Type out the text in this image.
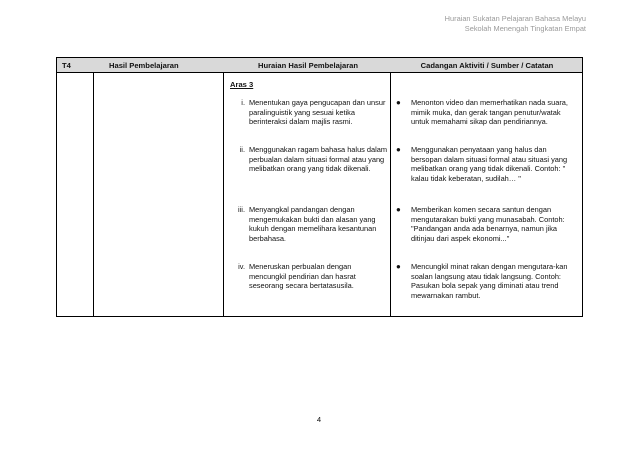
Huraian Sukatan Pelajaran Bahasa Melayu
Sekolah Menengah Tingkatan Empat
T4	Hasil Pembelajaran	Huraian Hasil Pembelajaran	Cadangan Aktiviti / Sumber / Catatan
Aras 3
i. Menentukan gaya pengucapan dan unsur paralinguistik yang sesuai ketika berinteraksi dalam majlis rasmi.
● Menonton video dan memerhatikan nada suara, mimik muka, dan gerak tangan penutur/watak untuk memahami sikap dan pendiriannya.
ii. Menggunakan ragam bahasa halus dalam perbualan dalam situasi formal atau yang melibatkan orang yang tidak dikenali.
● Menggunakan penyataan yang halus dan bersopan dalam situasi formal atau situasi yang melibatkan orang yang tidak dikenali. Contoh: " kalau tidak keberatan, sudilah… "
iii. Menyangkal pandangan dengan mengemukakan bukti dan alasan yang kukuh dengan memelihara kesantunan berbahasa.
● Memberikan komen secara santun dengan mengutarakan bukti yang munasabah. Contoh: "Pandangan anda ada benarnya, namun jika ditinjau dari aspek ekonomi..."
iv. Meneruskan perbualan dengan mencungkil pendirian dan hasrat seseorang secara bertatasusila.
● Mencungkil minat rakan dengan mengutara-kan soalan langsung atau tidak langsung. Contoh: Pasukan bola sepak yang diminati atau trend mewarnakan rambut.
4
